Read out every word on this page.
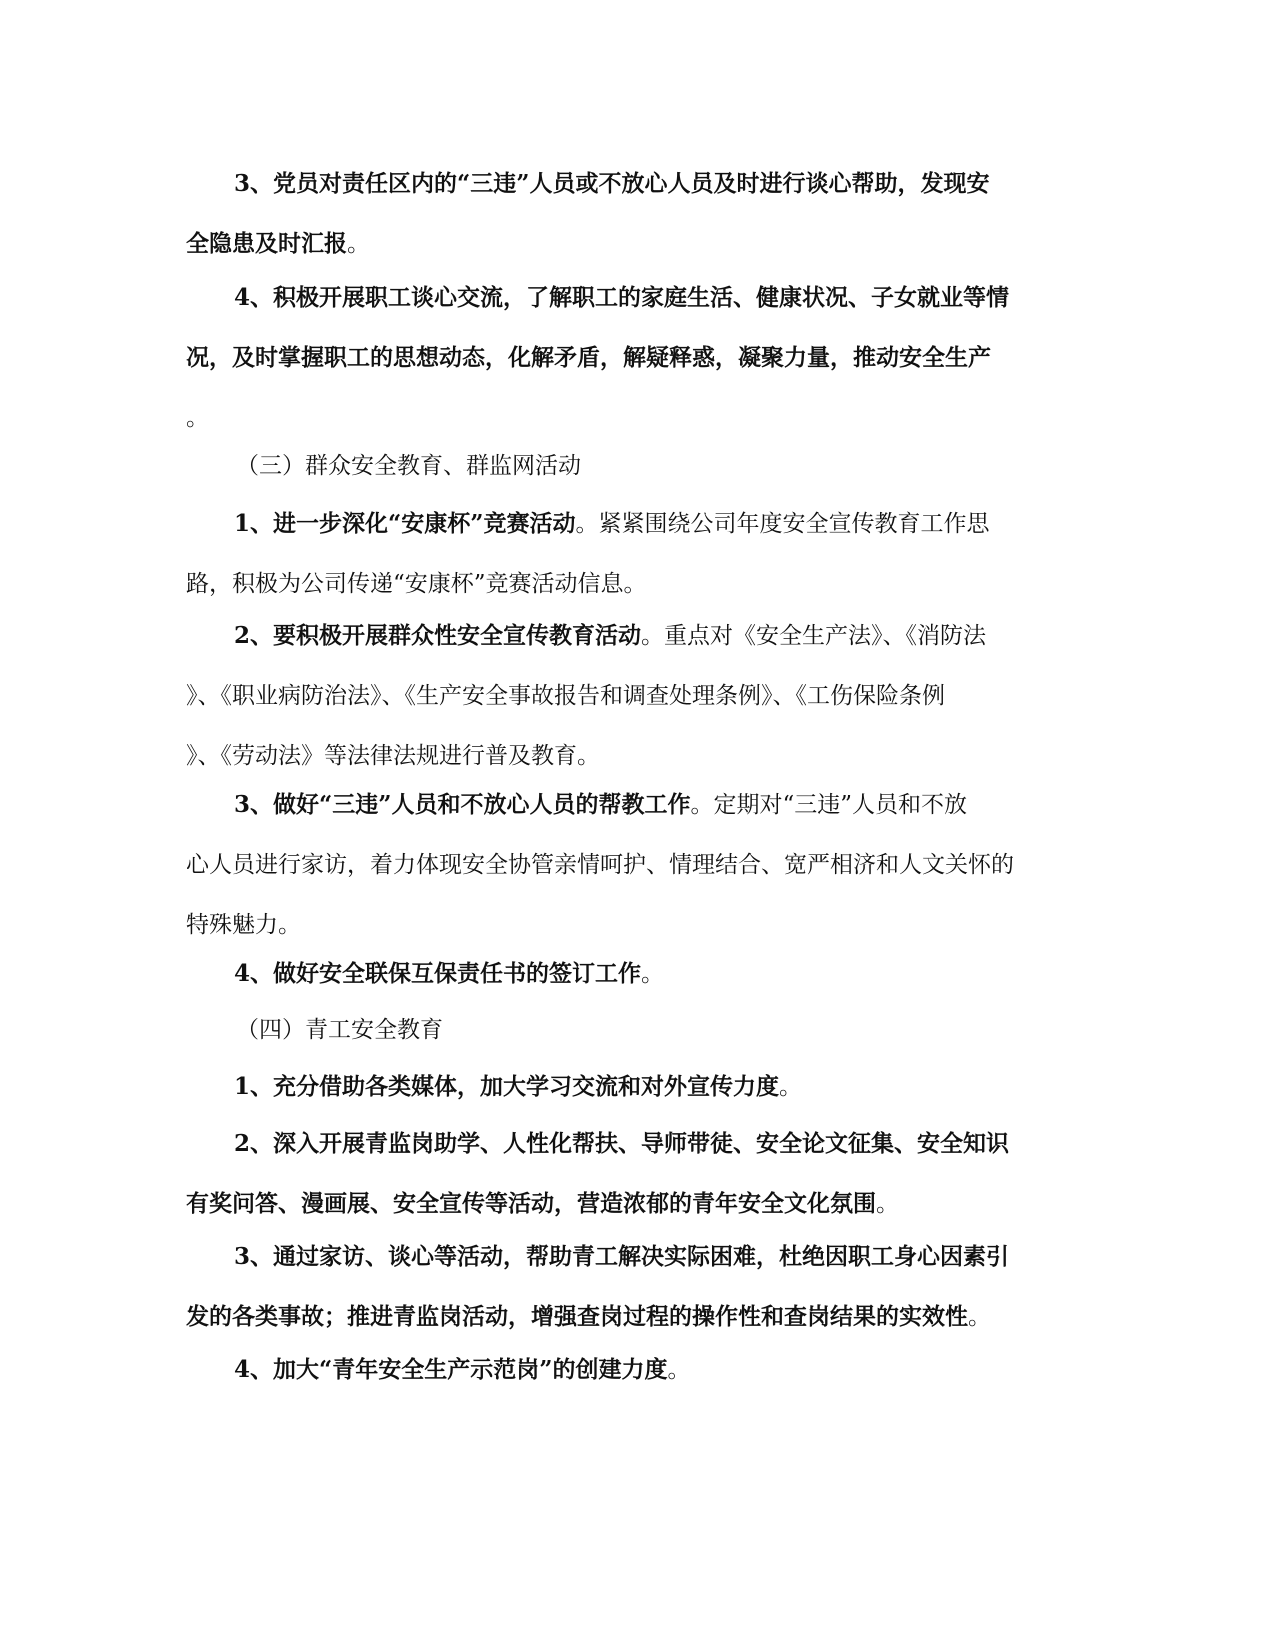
3、党员对责任区内的“三违”人员或不放心人员及时进行谈心帮助，发现安
全隐患及时汇报。
4、积极开展职工谈心交流，了解职工的家庭生活、健康状况、子女就业等情
况，及时掌握职工的思想动态，化解矛盾，解疑释惑，凝聚力量，推动安全生产
。
（三）群众安全教育、群监网活动
1、进一步深化“安康杯”竞赛活动。紧紧围绕公司年度安全宣传教育工作思
路，积极为公司传递“安康杯”竞赛活动信息。
2、要积极开展群众性安全宣传教育活动。重点对《安全生产法》、《消防法
》、《职业病防治法》、《生产安全事故报告和调查处理条例》、《工伤保险条例
》、《劳动法》等法律法规进行普及教育。
3、做好“三违”人员和不放心人员的帮教工作。定期对“三违”人员和不放
心人员进行家访，着力体现安全协管亲情呵护、情理结合、宽严相济和人文关怀的
特殊魅力。
4、做好安全联保互保责任书的签订工作。
（四）青工安全教育
1、充分借助各类媒体，加大学习交流和对外宣传力度。
2、深入开展青监岗助学、人性化帮扶、导师带徒、安全论文征集、安全知识
有奖问答、漫画展、安全宣传等活动，营造浓郁的青年安全文化氛围。
3、通过家访、谈心等活动，帮助青工解决实际困难，杜绝因职工身心因素引
发的各类事故；推进青监岗活动，增强查岗过程的操作性和查岗结果的实效性。
4、加大“青年安全生产示范岗”的创建力度。
